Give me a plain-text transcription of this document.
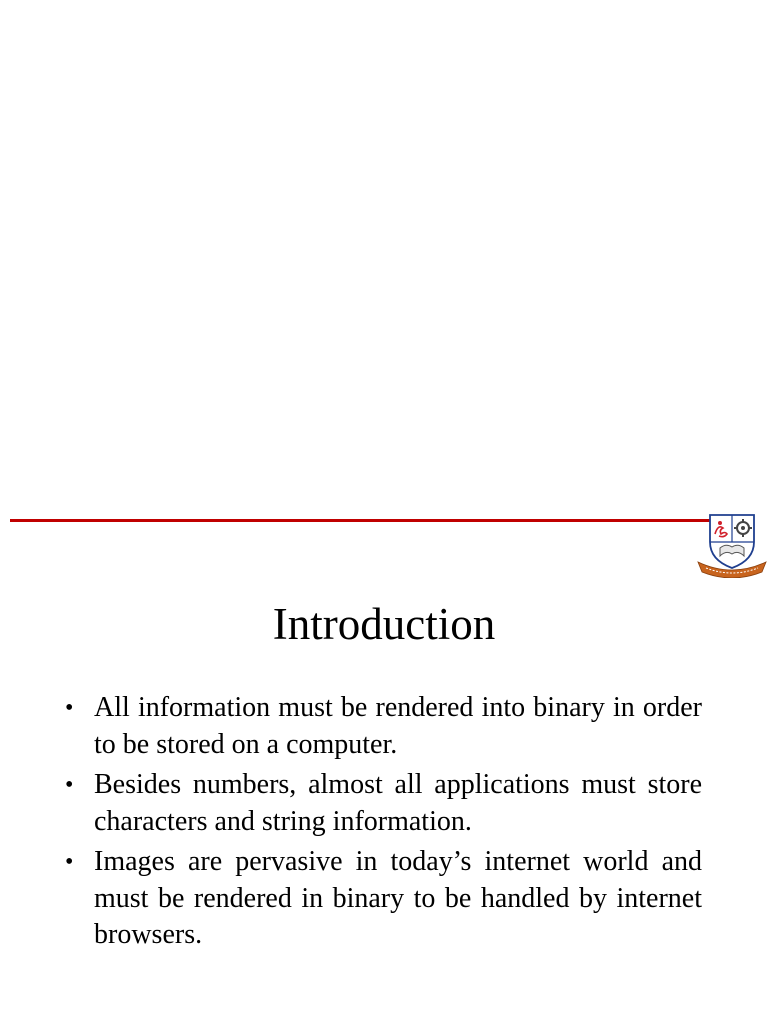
Introduction
• All information must be rendered into binary in order to be stored on a computer.
• Besides numbers, almost all applications must store characters and string information.
• Images are pervasive in today’s internet world and must be rendered in binary to be handled by internet browsers.
